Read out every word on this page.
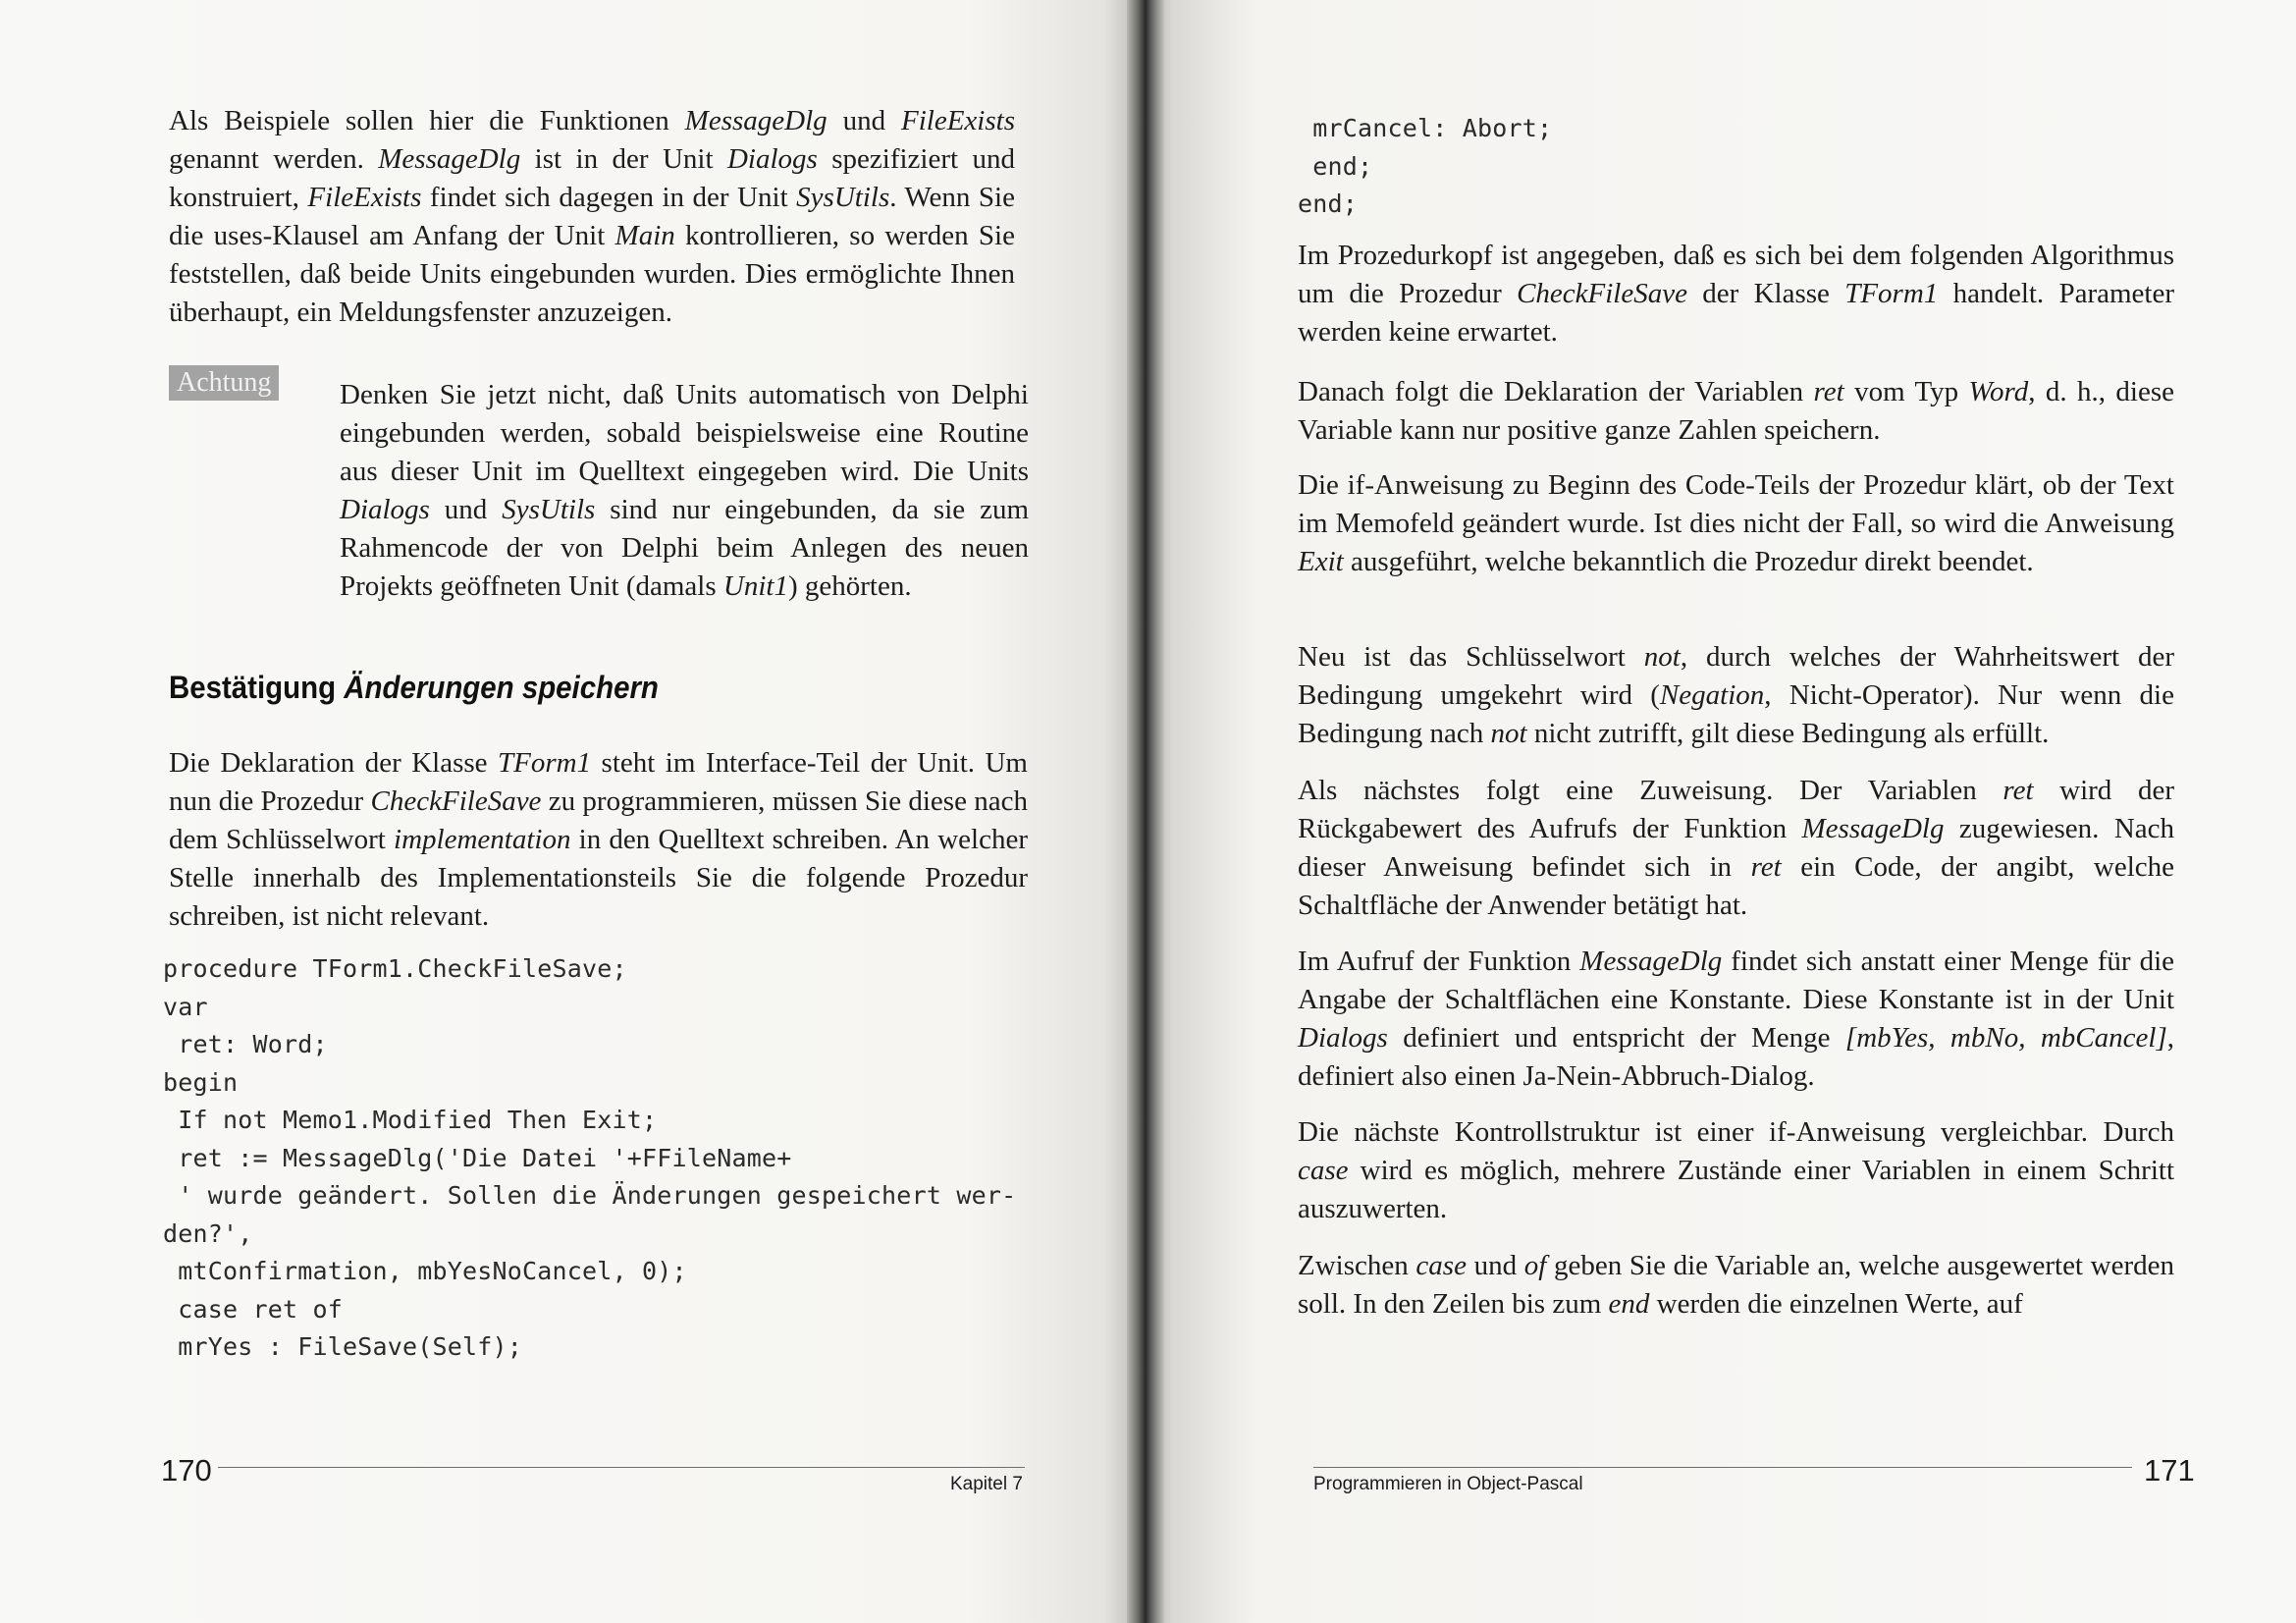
Als Beispiele sollen hier die Funktionen MessageDlg und FileExists genannt werden. MessageDlg ist in der Unit Dialogs spezifiziert und konstruiert, FileExists findet sich dagegen in der Unit SysUtils. Wenn Sie die uses-Klausel am Anfang der Unit Main kontrollieren, so werden Sie feststellen, daß beide Units eingebunden wurden. Dies ermöglichte Ihnen überhaupt, ein Meldungsfenster anzuzeigen.

Achtung Denken Sie jetzt nicht, daß Units automatisch von Delphi eingebunden werden, sobald beispielsweise eine Routine aus dieser Unit im Quelltext eingegeben wird. Die Units Dialogs und SysUtils sind nur eingebunden, da sie zum Rahmencode der von Delphi beim Anlegen des neuen Projekts geöffneten Unit (damals Unit1) gehörten.

Bestätigung Änderungen speichern

Die Deklaration der Klasse TForm1 steht im Interface-Teil der Unit. Um nun die Prozedur CheckFileSave zu programmieren, müssen Sie diese nach dem Schlüsselwort implementation in den Quelltext schreiben. An welcher Stelle innerhalb des Implementationsteils Sie die folgende Prozedur schreiben, ist nicht relevant.

procedure TForm1.CheckFileSave;
var
ret: Word;
begin
If not Memo1.Modified Then Exit;
ret := MessageDlg('Die Datei '+FFileName+
' wurde geändert. Sollen die Änderungen gespeichert wer-
den?',
mtConfirmation, mbYesNoCancel, 0);
case ret of
mrYes : FileSave(Self);
170	Kapitel 7
mrCancel: Abort;
end;
end;

Im Prozedurkopf ist angegeben, daß es sich bei dem folgenden Algorithmus um die Prozedur CheckFileSave der Klasse TForm1 handelt. Parameter werden keine erwartet.

Danach folgt die Deklaration der Variablen ret vom Typ Word, d. h., diese Variable kann nur positive ganze Zahlen speichern.

Die if-Anweisung zu Beginn des Code-Teils der Prozedur klärt, ob der Text im Memofeld geändert wurde. Ist dies nicht der Fall, so wird die Anweisung Exit ausgeführt, welche bekanntlich die Prozedur direkt beendet.

Neu ist das Schlüsselwort not, durch welches der Wahrheitswert der Bedingung umgekehrt wird (Negation, Nicht-Operator). Nur wenn die Bedingung nach not nicht zutrifft, gilt diese Bedingung als erfüllt.

Als nächstes folgt eine Zuweisung. Der Variablen ret wird der Rückgabewert des Aufrufs der Funktion MessageDlg zugewiesen. Nach dieser Anweisung befindet sich in ret ein Code, der angibt, welche Schaltfläche der Anwender betätigt hat.

Im Aufruf der Funktion MessageDlg findet sich anstatt einer Menge für die Angabe der Schaltflächen eine Konstante. Diese Konstante ist in der Unit Dialogs definiert und entspricht der Menge [mbYes, mbNo, mbCancel], definiert also einen Ja-Nein-Abbruch-Dialog.

Die nächste Kontrollstruktur ist einer if-Anweisung vergleichbar. Durch case wird es möglich, mehrere Zustände einer Variablen in einem Schritt auszuwerten.

Zwischen case und of geben Sie die Variable an, welche ausgewertet werden soll. In den Zeilen bis zum end werden die einzelnen Werte, auf

Programmieren in Object-Pascal	171
